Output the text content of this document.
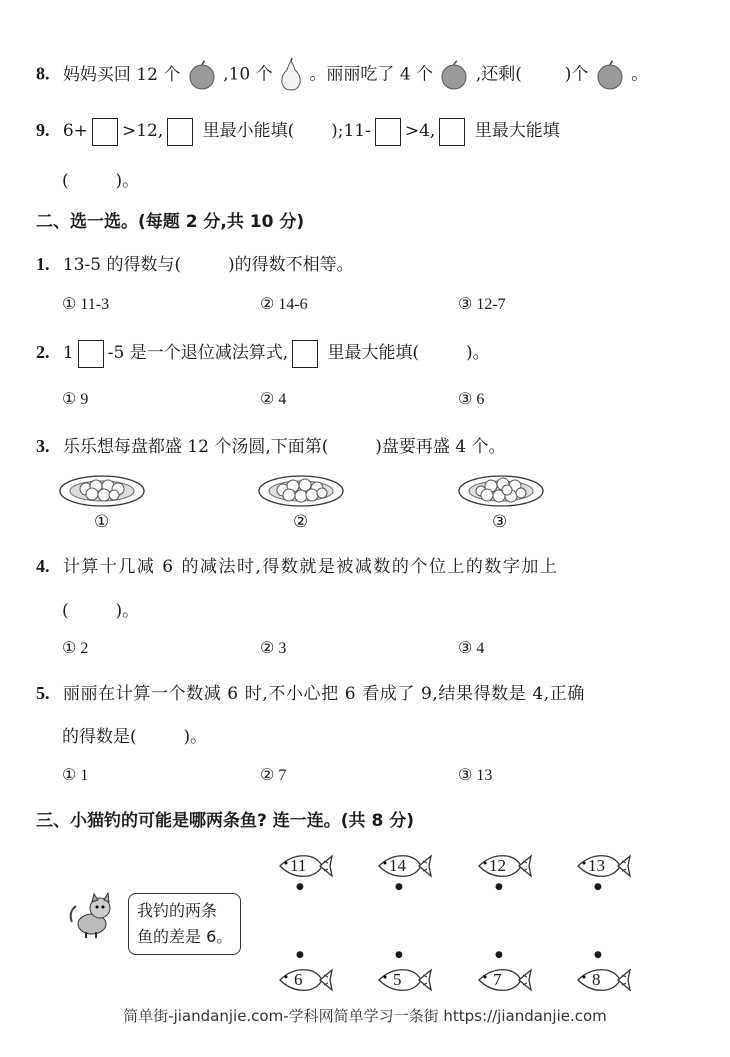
8. 妈妈买回 12 个	,10 个 。丽丽吃了 4 个	,还剩(	)个	。
9. 6+ >12, 里最小能填( );11- >4, 里最大能填
(	)。
二、选一选。(每题 2 分,共 10 分)
1. 13-5 的得数与(	)的得数不相等。
① 11-3	② 14-6	③ 12-7
2. 1 -5 是一个退位减法算式, 里最大能填(	)。
① 9	② 4	③ 6
3. 乐乐想每盘都盛 12 个汤圆,下面第(	)盘要再盛 4 个。
①	②	③
4. 计算十几减 6 的减法时,得数就是被减数的个位上的数字加上
(	)。
① 2	② 3	③ 4
5. 丽丽在计算一个数减 6 时,不小心把 6 看成了 9,结果得数是 4,正确
的得数是(	)。
① 1	② 7	③ 13
三、小猫钓的可能是哪两条鱼? 连一连。(共 8 分)
我钓的两条
鱼的差是 6。
11
●
14
●
12
●
13
●
●
6
●
5
●
7
●
8
简单街-jiandanjie.com-学科网简单学习一条街 https://jiandanjie.com
